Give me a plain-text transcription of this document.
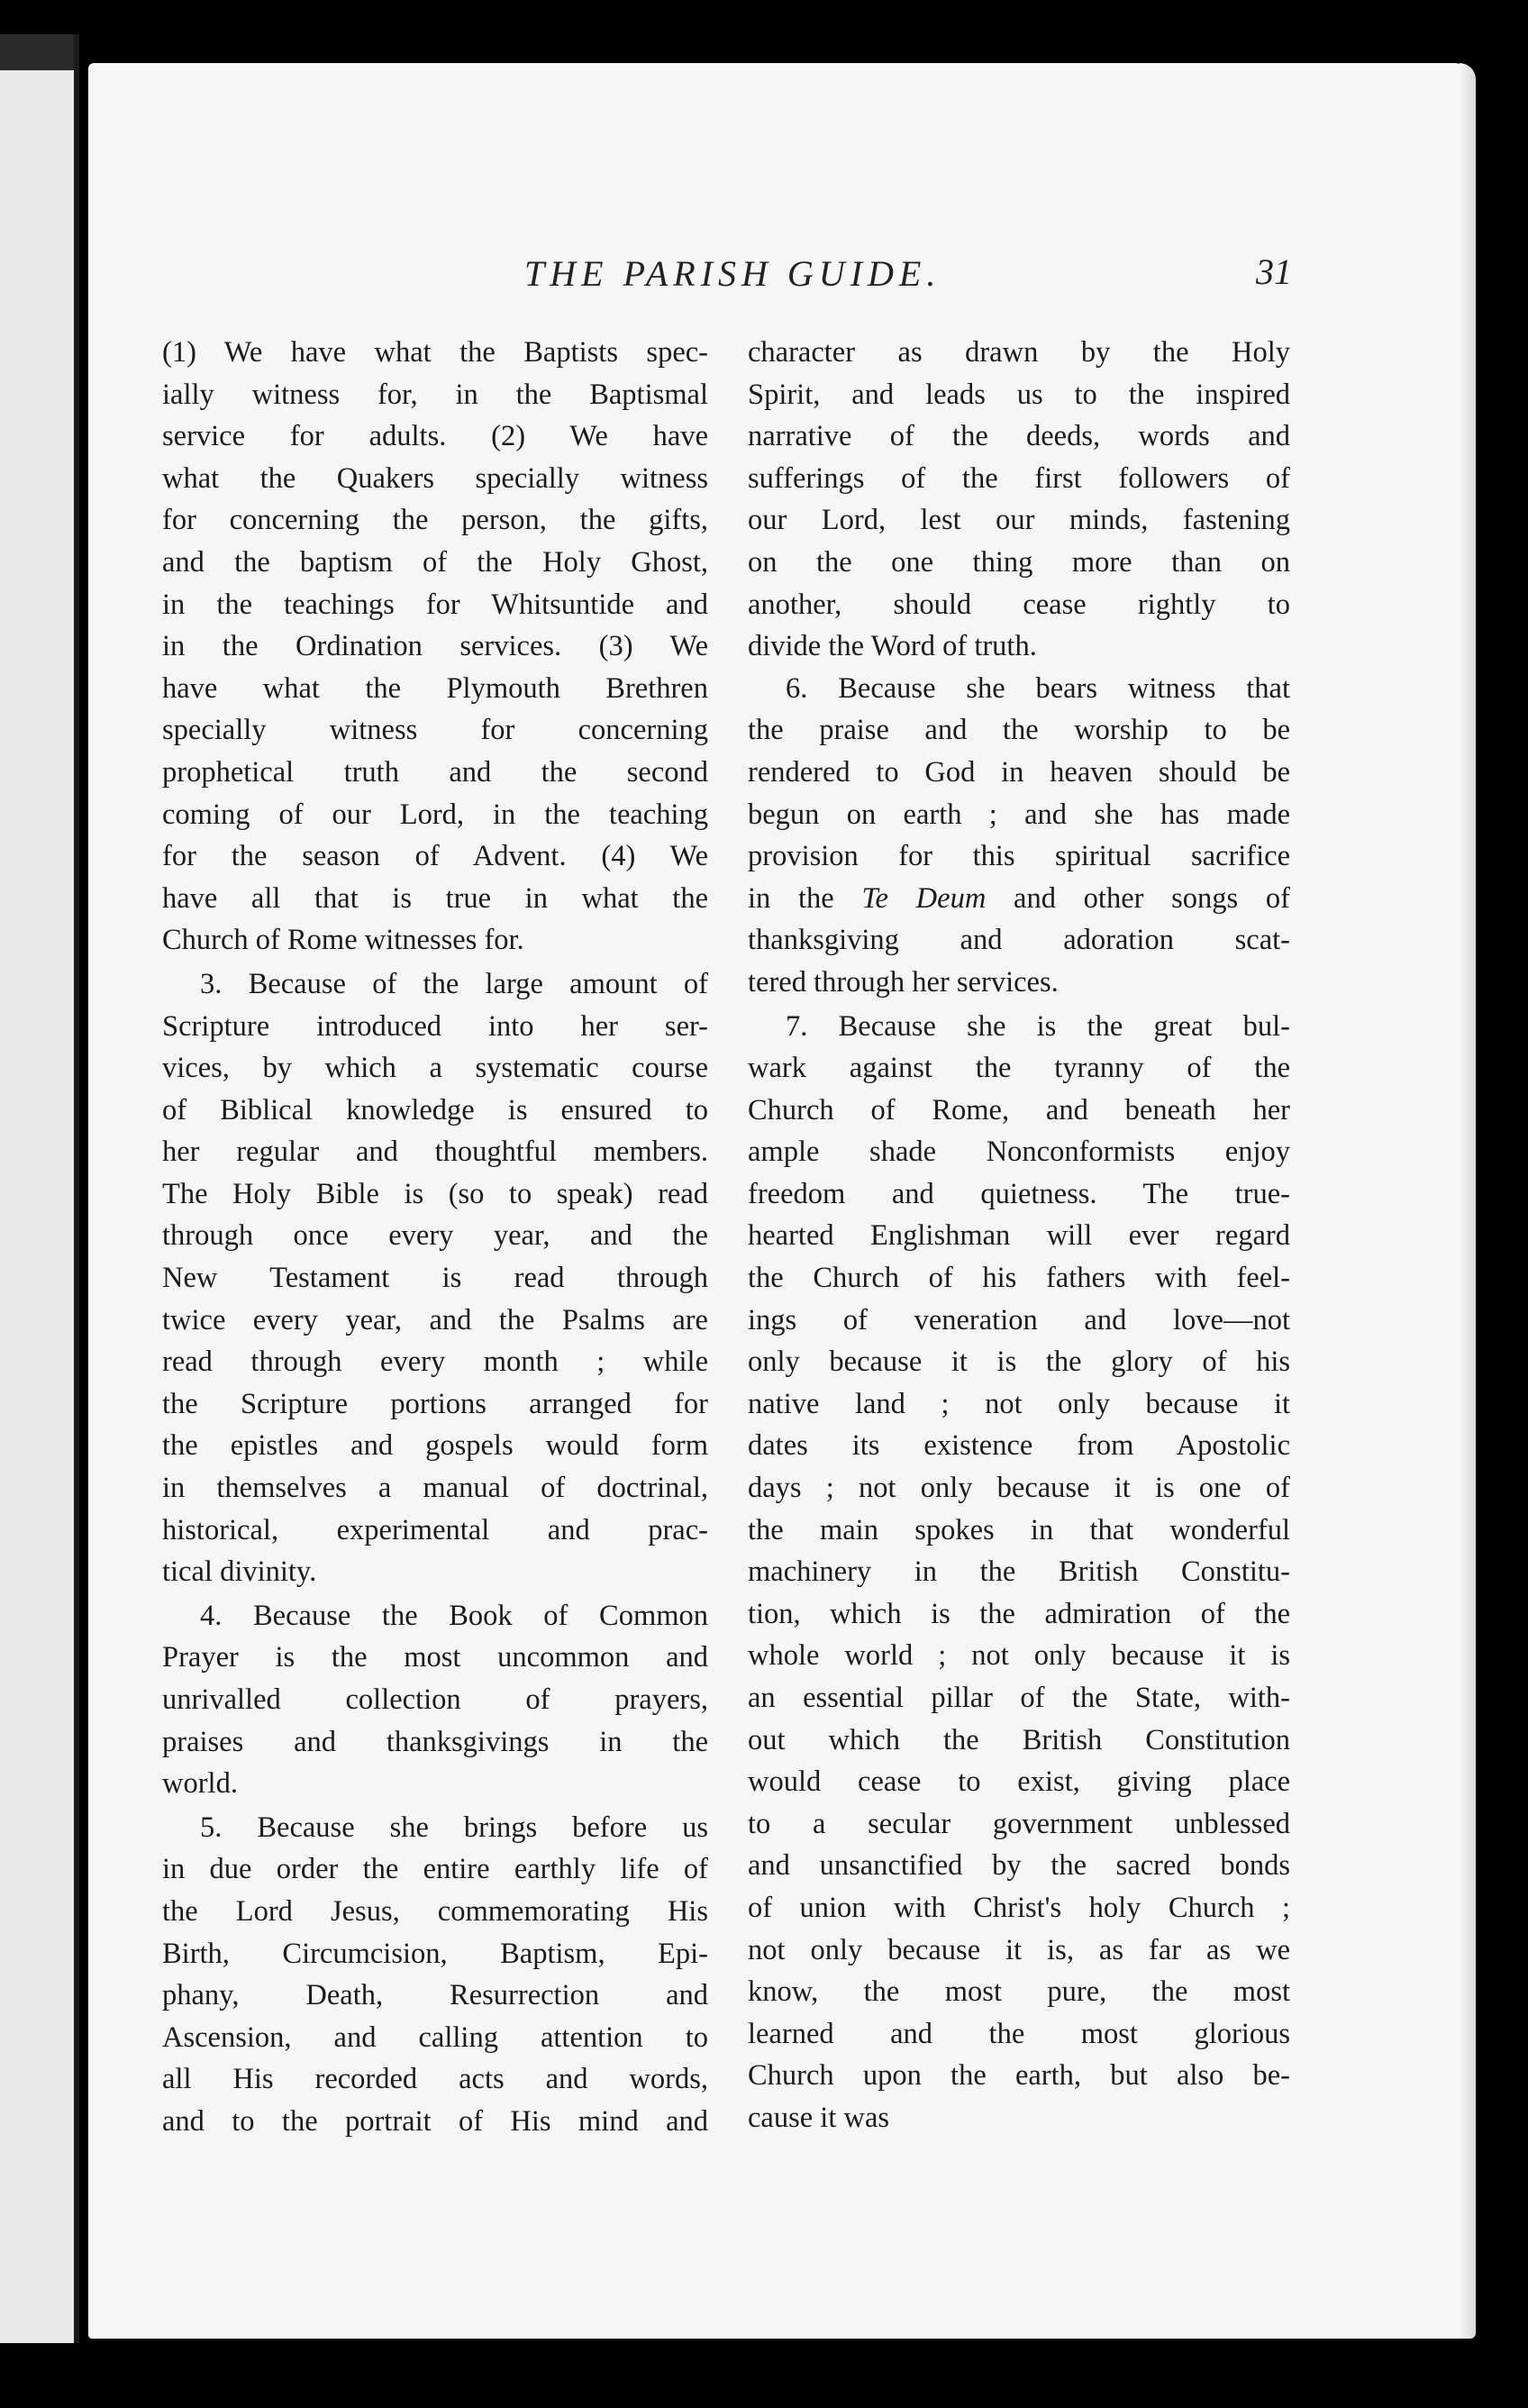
THE PARISH GUIDE.	31
(1) We have what the Baptists spec-
ially witness for, in the Baptismal
service for adults. (2) We have
what the Quakers specially witness
for concerning the person, the gifts,
and the baptism of the Holy Ghost,
in the teachings for Whitsuntide and
in the Ordination services. (3) We
have what the Plymouth Brethren
specially witness for concerning
prophetical truth and the second
coming of our Lord, in the teaching
for the season of Advent. (4) We
have all that is true in what the
Church of Rome witnesses for.
3. Because of the large amount of
Scripture introduced into her ser-
vices, by which a systematic course
of Biblical knowledge is ensured to
her regular and thoughtful members.
The Holy Bible is (so to speak) read
through once every year, and the
New Testament is read through
twice every year, and the Psalms are
read through every month ; while
the Scripture portions arranged for
the epistles and gospels would form
in themselves a manual of doctrinal,
historical, experimental and prac-
tical divinity.
4. Because the Book of Common
Prayer is the most uncommon and
unrivalled collection of prayers,
praises and thanksgivings in the
world.
5. Because she brings before us
in due order the entire earthly life of
the Lord Jesus, commemorating His
Birth, Circumcision, Baptism, Epi-
phany, Death, Resurrection and
Ascension, and calling attention to
all His recorded acts and words,
and to the portrait of His mind and
character as drawn by the Holy
Spirit, and leads us to the inspired
narrative of the deeds, words and
sufferings of the first followers of
our Lord, lest our minds, fastening
on the one thing more than on
another, should cease rightly to
divide the Word of truth.
6. Because she bears witness that
the praise and the worship to be
rendered to God in heaven should be
begun on earth ; and she has made
provision for this spiritual sacrifice
in the Te Deum and other songs of
thanksgiving and adoration scat-
tered through her services.
7. Because she is the great bul-
wark against the tyranny of the
Church of Rome, and beneath her
ample shade Nonconformists enjoy
freedom and quietness. The true-
hearted Englishman will ever regard
the Church of his fathers with feel-
ings of veneration and love—not
only because it is the glory of his
native land ; not only because it
dates its existence from Apostolic
days ; not only because it is one of
the main spokes in that wonderful
machinery in the British Constitu-
tion, which is the admiration of the
whole world ; not only because it is
an essential pillar of the State, with-
out which the British Constitution
would cease to exist, giving place
to a secular government unblessed
and unsanctified by the sacred bonds
of union with Christ's holy Church ;
not only because it is, as far as we
know, the most pure, the most
learned and the most glorious
Church upon the earth, but also be-
cause it was
